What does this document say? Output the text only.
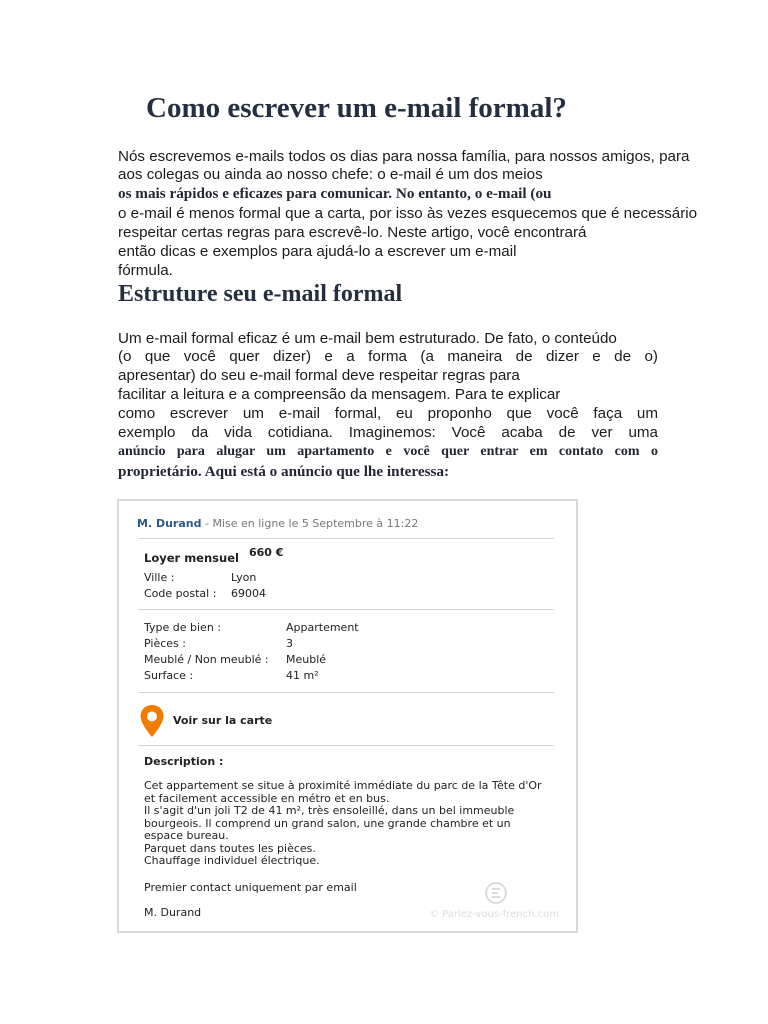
Como escrever um e-mail formal?
Nós escrevemos e-mails todos os dias para nossa família, para nossos amigos, para
aos colegas ou ainda ao nosso chefe: o e-mail é um dos meios
os mais rápidos e eficazes para comunicar. No entanto, o e-mail (ou
o e-mail é menos formal que a carta, por isso às vezes esquecemos que é necessário
respeitar certas regras para escrevê-lo. Neste artigo, você encontrará
então dicas e exemplos para ajudá-lo a escrever um e-mail
fórmula.
Estruture seu e-mail formal
Um e-mail formal eficaz é um e-mail bem estruturado. De fato, o conteúdo
(o que você quer dizer) e a forma (a maneira de dizer e de o)
apresentar) do seu e-mail formal deve respeitar regras para
facilitar a leitura e a compreensão da mensagem. Para te explicar
como escrever um e-mail formal, eu proponho que você faça um
exemplo da vida cotidiana. Imaginemos: Você acaba de ver uma
anúncio para alugar um apartamento e você quer entrar em contato com o
proprietário. Aqui está o anúncio que lhe interessa:
M. Durand - Mise en ligne le 5 Septembre à 11:22
Loyer mensuel 660 €
Ville :	Lyon
Code postal : 69004
Type de bien :	Appartement
Pièces :	3
Meublé / Non meublé : Meublé
Surface :	41 m²
Voir sur la carte
Description :
Cet appartement se situe à proximité immédiate du parc de la Tête d'Or
et facilement accessible en métro et en bus.
Il s'agit d'un joli T2 de 41 m², très ensoleillé, dans un bel immeuble
bourgeois. Il comprend un grand salon, une grande chambre et un
espace bureau.
Parquet dans toutes les pièces.
Chauffage individuel électrique.
Premier contact uniquement par email
M. Durand	© Parlez-vous-french.com
